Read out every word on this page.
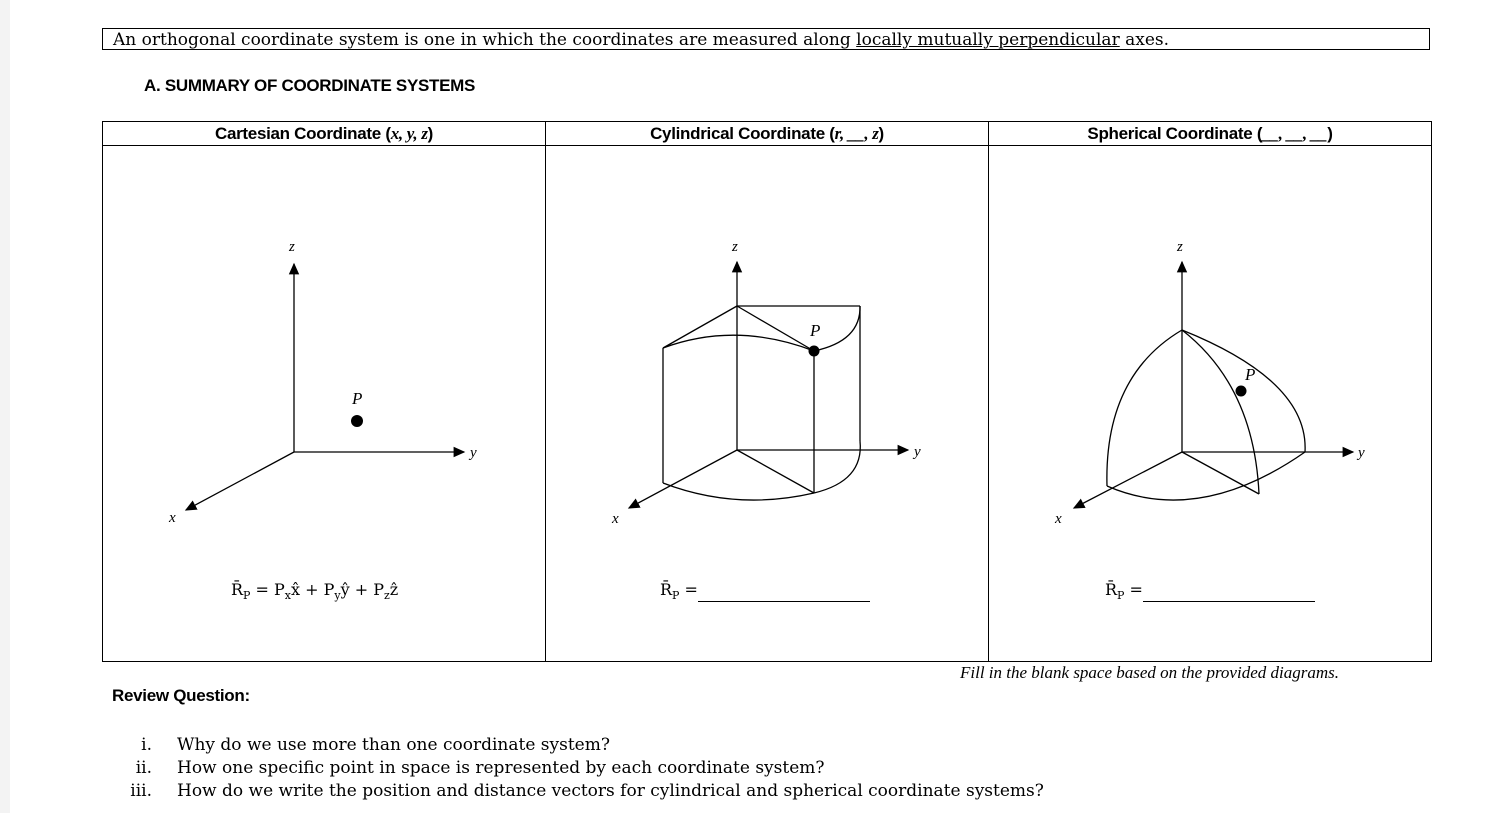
An orthogonal coordinate system is one in which the coordinates are measured along locally mutually perpendicular axes.
A. SUMMARY OF COORDINATE SYSTEMS
Cartesian Coordinate (x, y, z)
z
y
x
P
$R̄_P$ = $P_xx̂$ + $P_yŷ$ + $P_zẑ$
Cylindrical Coordinate (r, __, z)
z
y
x
P
$R̄_P$ =
Spherical Coordinate (__, __, __)
z
y
x
P
$R̄_P$ =
Fill in the blank space based on the provided diagrams.
Review Question:
i. Why do we use more than one coordinate system?
ii. How one specific point in space is represented by each coordinate system?
iii. How do we write the position and distance vectors for cylindrical and spherical coordinate systems?
